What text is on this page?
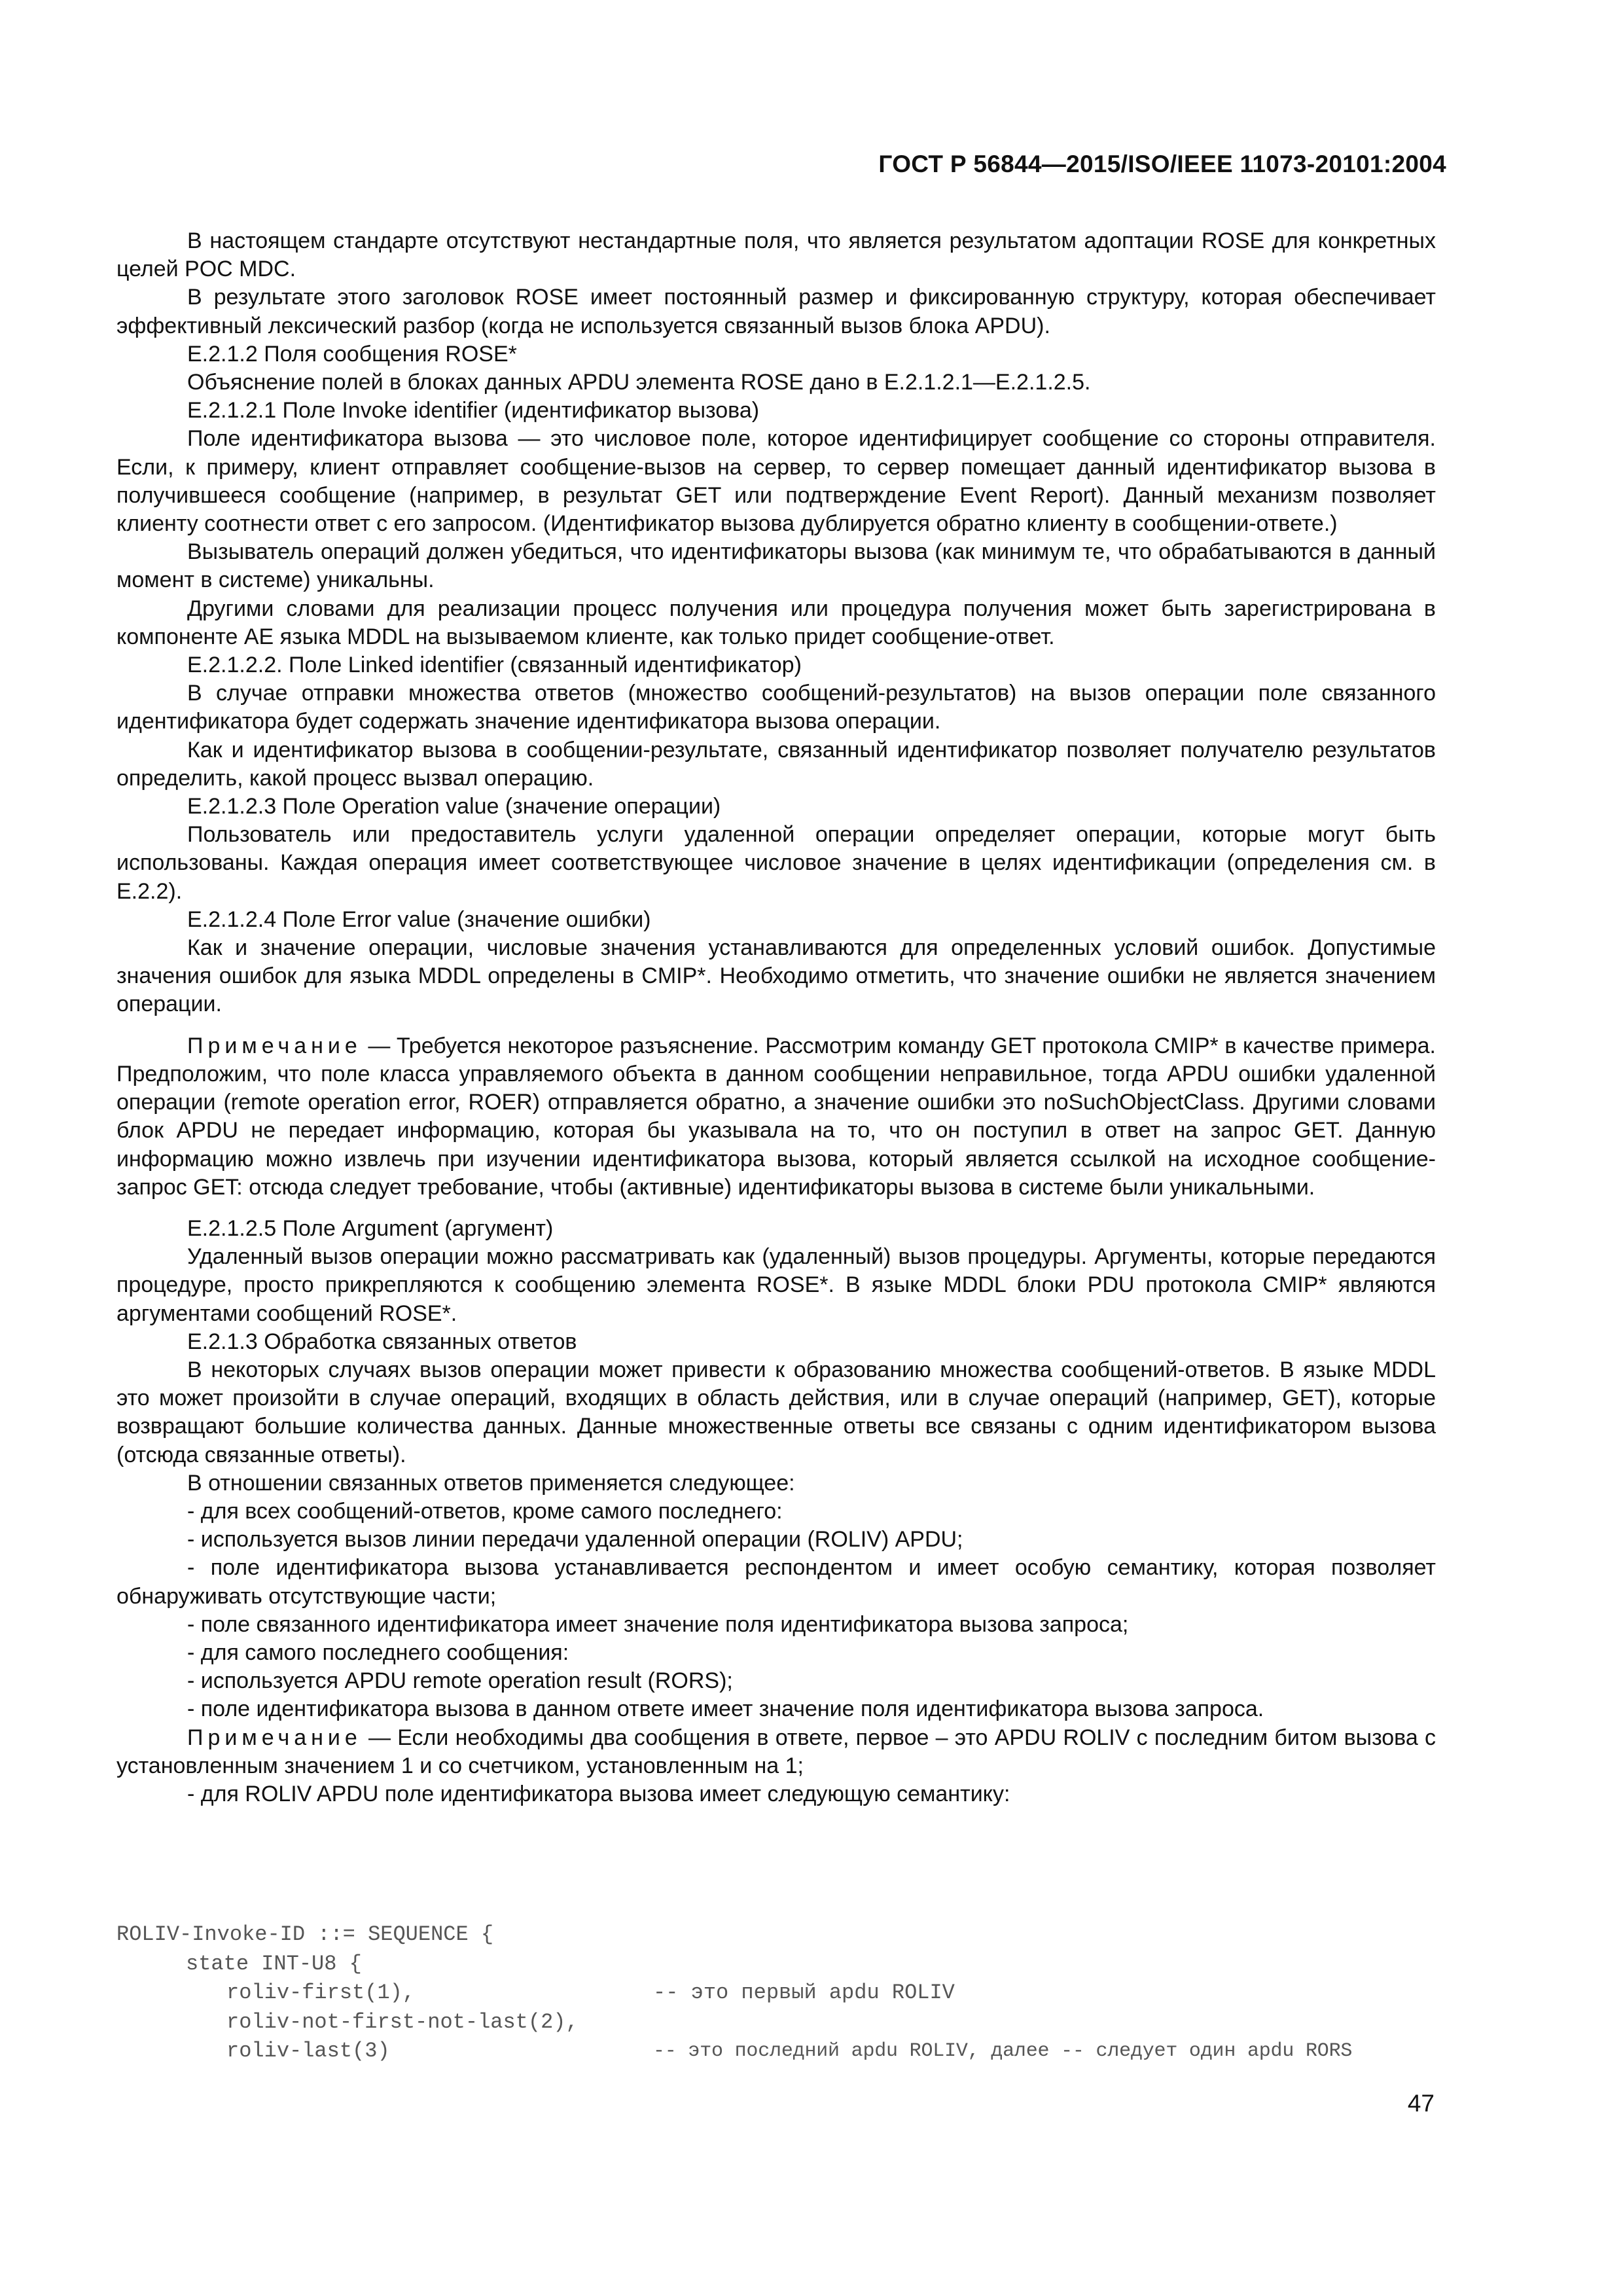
ГОСТ Р 56844—2015/ISO/IEEE 11073-20101:2004

В настоящем стандарте отсутствуют нестандартные поля, что является результатом адоптации ROSE для конкретных целей POC MDC.

В результате этого заголовок ROSE имеет постоянный размер и фиксированную структуру, которая обеспечивает эффективный лексический разбор (когда не используется связанный вызов блока APDU).

Е.2.1.2 Поля сообщения ROSE*

Объяснение полей в блоках данных APDU элемента ROSE дано в Е.2.1.2.1—Е.2.1.2.5.

Е.2.1.2.1 Поле Invoke identifier (идентификатор вызова)

Поле идентификатора вызова — это числовое поле, которое идентифицирует сообщение со стороны отправителя. Если, к примеру, клиент отправляет сообщение-вызов на сервер, то сервер помещает данный идентификатор вызова в получившееся сообщение (например, в результат GET или подтверждение Event Report). Данный механизм позволяет клиенту соотнести ответ с его запросом. (Идентификатор вызова дублируется обратно клиенту в сообщении-ответе.)

Вызыватель операций должен убедиться, что идентификаторы вызова (как минимум те, что обрабатываются в данный момент в системе) уникальны.

Другими словами для реализации процесс получения или процедура получения может быть зарегистрирована в компоненте AE языка MDDL на вызываемом клиенте, как только придет сообщение-ответ.

Е.2.1.2.2. Поле Linked identifier (связанный идентификатор)

В случае отправки множества ответов (множество сообщений-результатов) на вызов операции поле связанного идентификатора будет содержать значение идентификатора вызова операции.

Как и идентификатор вызова в сообщении-результате, связанный идентификатор позволяет получателю результатов определить, какой процесс вызвал операцию.

Е.2.1.2.3 Поле Operation value (значение операции)

Пользователь или предоставитель услуги удаленной операции определяет операции, которые могут быть использованы. Каждая операция имеет соответствующее числовое значение в целях идентификации (определения см. в Е.2.2).

Е.2.1.2.4 Поле Error value (значение ошибки)

Как и значение операции, числовые значения устанавливаются для определенных условий ошибок. Допустимые значения ошибок для языка MDDL определены в CMIP*. Необходимо отметить, что значение ошибки не является значением операции.

Примечание — Требуется некоторое разъяснение. Рассмотрим команду GET протокола CMIP* в качестве примера. Предположим, что поле класса управляемого объекта в данном сообщении неправильное, тогда APDU ошибки удаленной операции (remote operation error, ROER) отправляется обратно, а значение ошибки это noSuchObjectClass. Другими словами блок APDU не передает информацию, которая бы указывала на то, что он поступил в ответ на запрос GET. Данную информацию можно извлечь при изучении идентификатора вызова, который является ссылкой на исходное сообщение-запрос GET: отсюда следует требование, чтобы (активные) идентификаторы вызова в системе были уникальными.

Е.2.1.2.5 Поле Argument (аргумент)

Удаленный вызов операции можно рассматривать как (удаленный) вызов процедуры. Аргументы, которые передаются процедуре, просто прикрепляются к сообщению элемента ROSE*. В языке MDDL блоки PDU протокола CMIP* являются аргументами сообщений ROSE*.

Е.2.1.3 Обработка связанных ответов

В некоторых случаях вызов операции может привести к образованию множества сообщений-ответов. В языке MDDL это может произойти в случае операций, входящих в область действия, или в случае операций (например, GET), которые возвращают большие количества данных. Данные множественные ответы все связаны с одним идентификатором вызова (отсюда связанные ответы).

В отношении связанных ответов применяется следующее:

- для всех сообщений-ответов, кроме самого последнего:

- используется вызов линии передачи удаленной операции (ROLIV) APDU;

- поле идентификатора вызова устанавливается респондентом и имеет особую семантику, которая позволяет обнаруживать отсутствующие части;

- поле связанного идентификатора имеет значение поля идентификатора вызова запроса;

- для самого последнего сообщения:

- используется APDU remote operation result (RORS);

- поле идентификатора вызова в данном ответе имеет значение поля идентификатора вызова запроса.

Примечание — Если необходимы два сообщения в ответе, первое – это APDU ROLIV с последним битом вызова с установленным значением 1 и со счетчиком, установленным на 1;

- для ROLIV APDU поле идентификатора вызова имеет следующую семантику:

ROLIV-Invoke-ID ::= SEQUENCE {
state INT-U8 {
roliv-first(1),	-- это первый apdu ROLIV
roliv-not-first-not-last(2),
roliv-last(3)	-- это последний apdu ROLIV, далее -- следует один apdu RORS
47
